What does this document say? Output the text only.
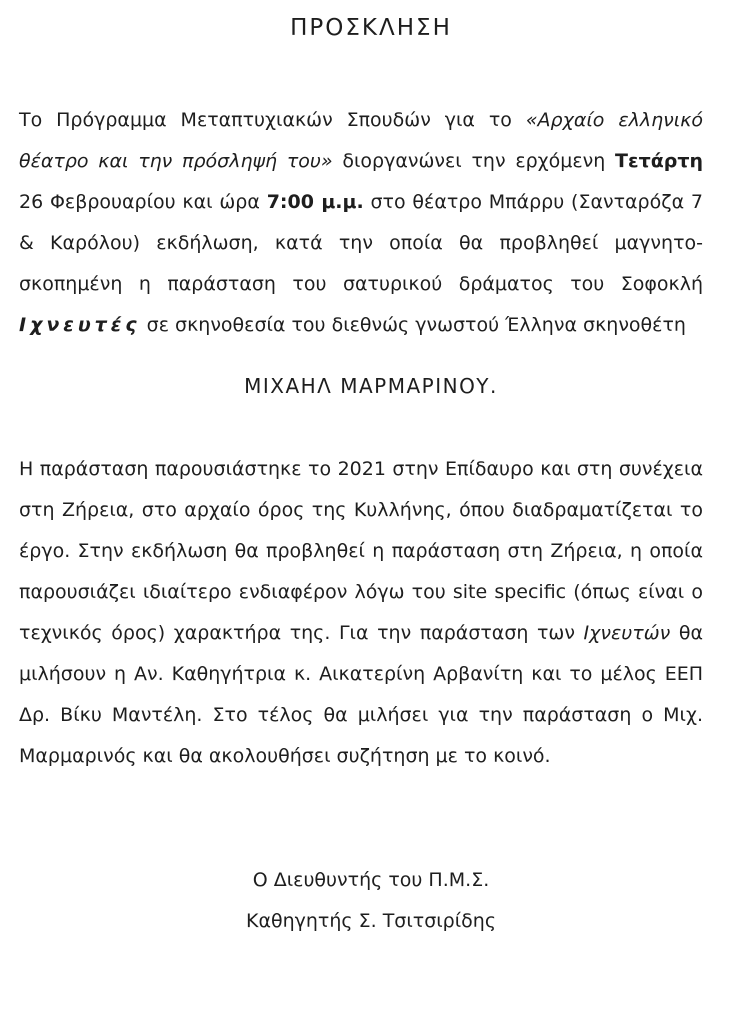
ΠΡΟΣΚΛΗΣΗ
Το Πρόγραμμα Μεταπτυχιακών Σπουδών για το «Αρχαίο ελληνικό θέατρο και την πρόσληψή του» διοργανώνει την ερχόμενη Τετάρτη 26 Φεβρουαρίου και ώρα 7:00 μ.μ. στο θέατρο Μπάρρυ (Σανταρόζα 7 & Καρόλου) εκδήλωση, κατά την οποία θα προβληθεί μαγνητοσκοπημένη η παράσταση του σατυρικού δράματος του Σοφοκλή Ιχνευτές σε σκηνοθεσία του διεθνώς γνωστού Έλληνα σκηνοθέτη
ΜΙΧΑΗΛ ΜΑΡΜΑΡΙΝΟΥ.
Η παράσταση παρουσιάστηκε το 2021 στην Επίδαυρο και στη συνέχεια στη Ζήρεια, στο αρχαίο όρος της Κυλλήνης, όπου διαδραματίζεται το έργο. Στην εκδήλωση θα προβληθεί η παράσταση στη Ζήρεια, η οποία παρουσιάζει ιδιαίτερο ενδιαφέρον λόγω του site specific (όπως είναι ο τεχνικός όρος) χαρακτήρα της. Για την παράσταση των Ιχνευτών θα μιλήσουν η Αν. Καθηγήτρια κ. Αικατερίνη Αρβανίτη και το μέλος ΕΕΠ Δρ. Βίκυ Μαντέλη. Στο τέλος θα μιλήσει για την παράσταση ο Μιχ. Μαρμαρινός και θα ακολουθήσει συζήτηση με το κοινό.
Ο Διευθυντής του Π.Μ.Σ.
Καθηγητής Σ. Τσιτσιρίδης
